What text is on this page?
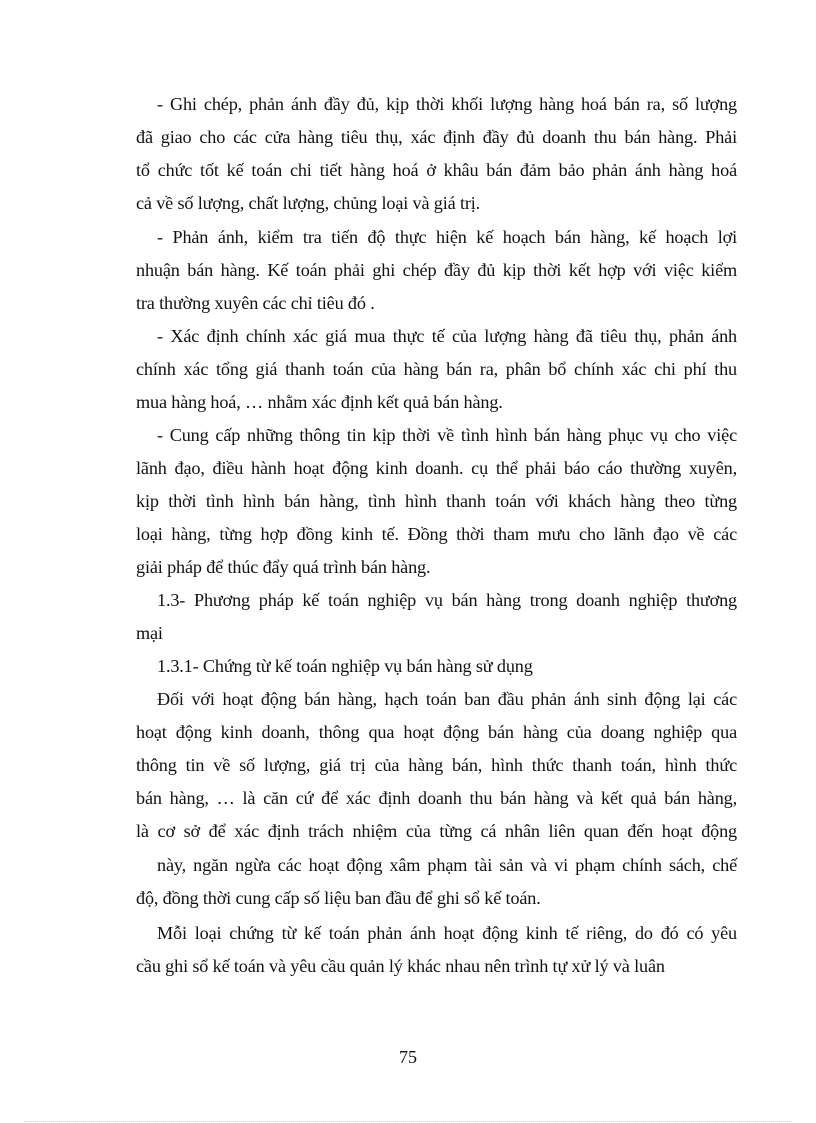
- Ghi chép, phản ánh đầy đủ, kịp thời khối lượng hàng hoá bán ra, số lượng
đã giao cho các cửa hàng tiêu thụ, xác định đầy đủ doanh thu bán hàng. Phải
tổ chức tốt kế toán chi tiết hàng hoá ở khâu bán đảm bảo phản ánh hàng hoá
cả về số lượng, chất lượng, chủng loại và giá trị.
- Phản ánh, kiểm tra tiến độ thực hiện kế hoạch bán hàng, kế hoạch lợi
nhuận bán hàng. Kế toán phải ghi chép đầy đủ kịp thời kết hợp với việc kiểm
tra thường xuyên các chỉ tiêu đó .
- Xác định chính xác giá mua thực tế của lượng hàng đã tiêu thụ, phản ánh
chính xác tổng giá thanh toán của hàng bán ra, phân bổ chính xác chi phí thu
mua hàng hoá, … nhằm xác định kết quả bán hàng.
- Cung cấp những thông tin kịp thời về tình hình bán hàng phục vụ cho việc
lãnh đạo, điều hành hoạt động kinh doanh. cụ thể phải báo cáo thường xuyên,
kịp thời tình hình bán hàng, tình hình thanh toán với khách hàng theo từng
loại hàng, từng hợp đồng kinh tế. Đồng thời tham mưu cho lãnh đạo về các
giải pháp để thúc đẩy quá trình bán hàng.
1.3- Phương pháp kế toán nghiệp vụ bán hàng trong doanh nghiệp thương
mại
1.3.1- Chứng từ kế toán nghiệp vụ bán hàng sử dụng
Đối với hoạt động bán hàng, hạch toán ban đầu phản ánh sinh động lại các
hoạt động kinh doanh, thông qua hoạt động bán hàng của doang nghiệp qua
thông tin về số lượng, giá trị của hàng bán, hình thức thanh toán, hình thức
bán hàng, … là căn cứ để xác định doanh thu bán hàng và kết quả bán hàng,
là cơ sở để xác định trách nhiệm của từng cá nhân liên quan đến hoạt động
này, ngăn ngừa các hoạt động xâm phạm tài sản và vi phạm chính sách, chế
độ, đồng thời cung cấp số liệu ban đầu để ghi sổ kế toán.
Mỗi loại chứng từ kế toán phản ánh hoạt động kinh tế riêng, do đó có yêu
cầu ghi sổ kế toán và yêu cầu quản lý khác nhau nên trình tự xử lý và luân
75
